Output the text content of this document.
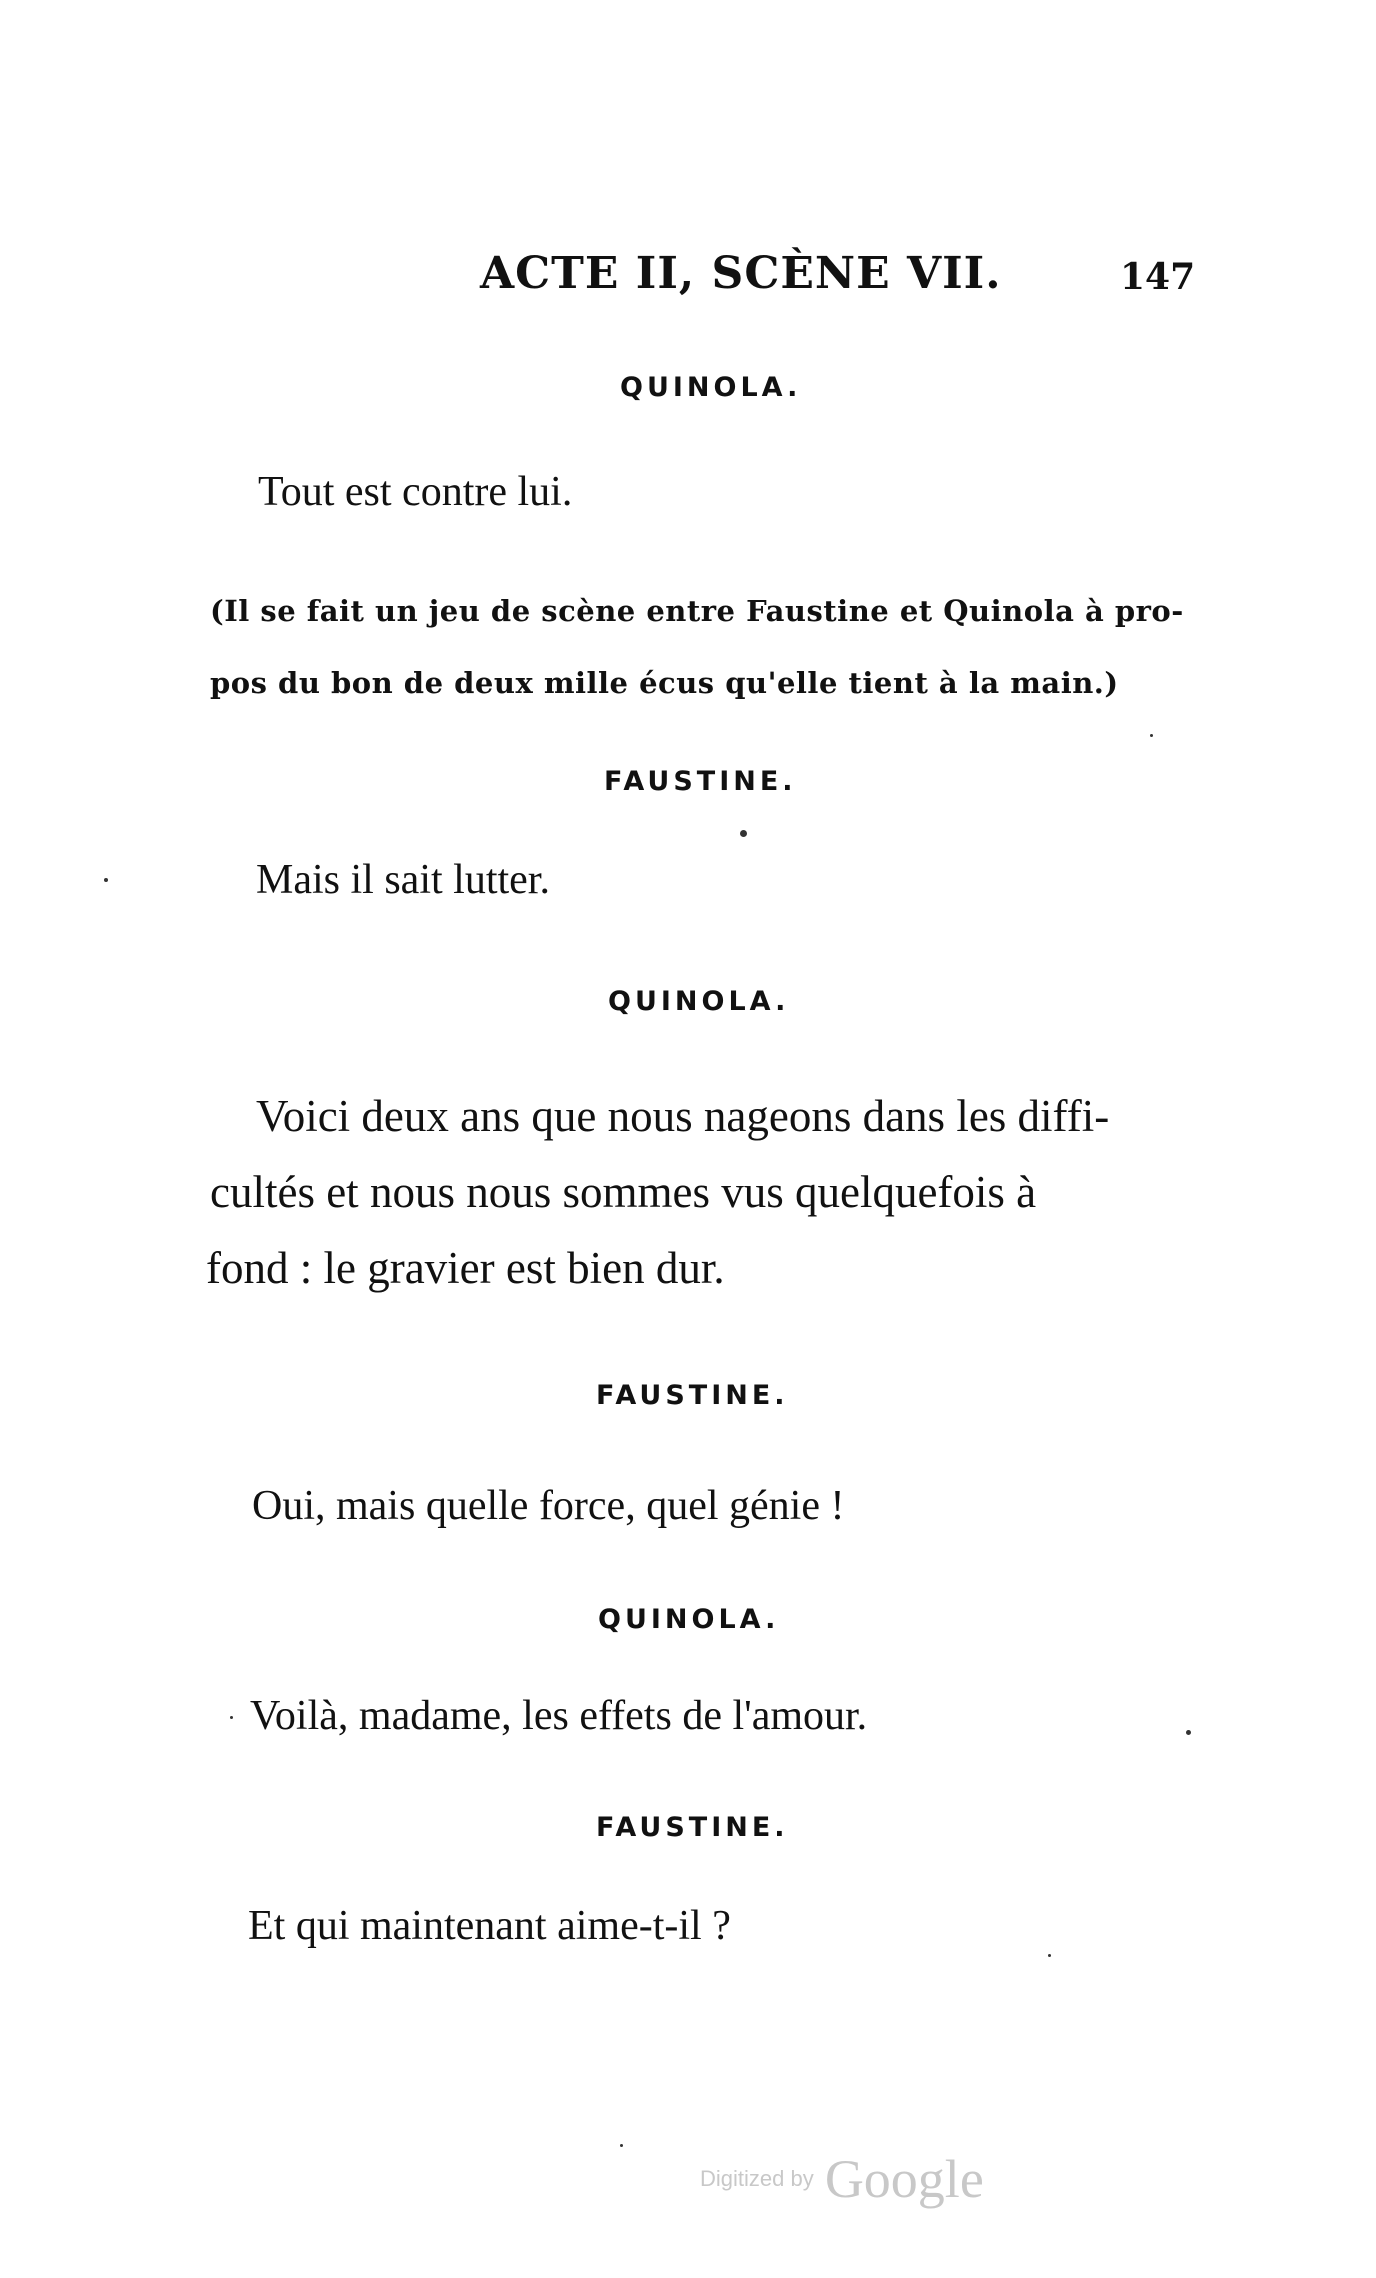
ACTE II, SCÈNE VII.	147
QUINOLA.
Tout est contre lui.
(Il se fait un jeu de scène entre Faustine et Quinola à pro-
pos du bon de deux mille écus qu'elle tient à la main.)
FAUSTINE.
Mais il sait lutter.
QUINOLA.
Voici deux ans que nous nageons dans les diffi-
cultés et nous nous sommes vus quelquefois à
fond : le gravier est bien dur.
FAUSTINE.
Oui, mais quelle force, quel génie !
QUINOLA.
Voilà, madame, les effets de l'amour.
FAUSTINE.
Et qui maintenant aime-t-il ?
Digitized by Google
